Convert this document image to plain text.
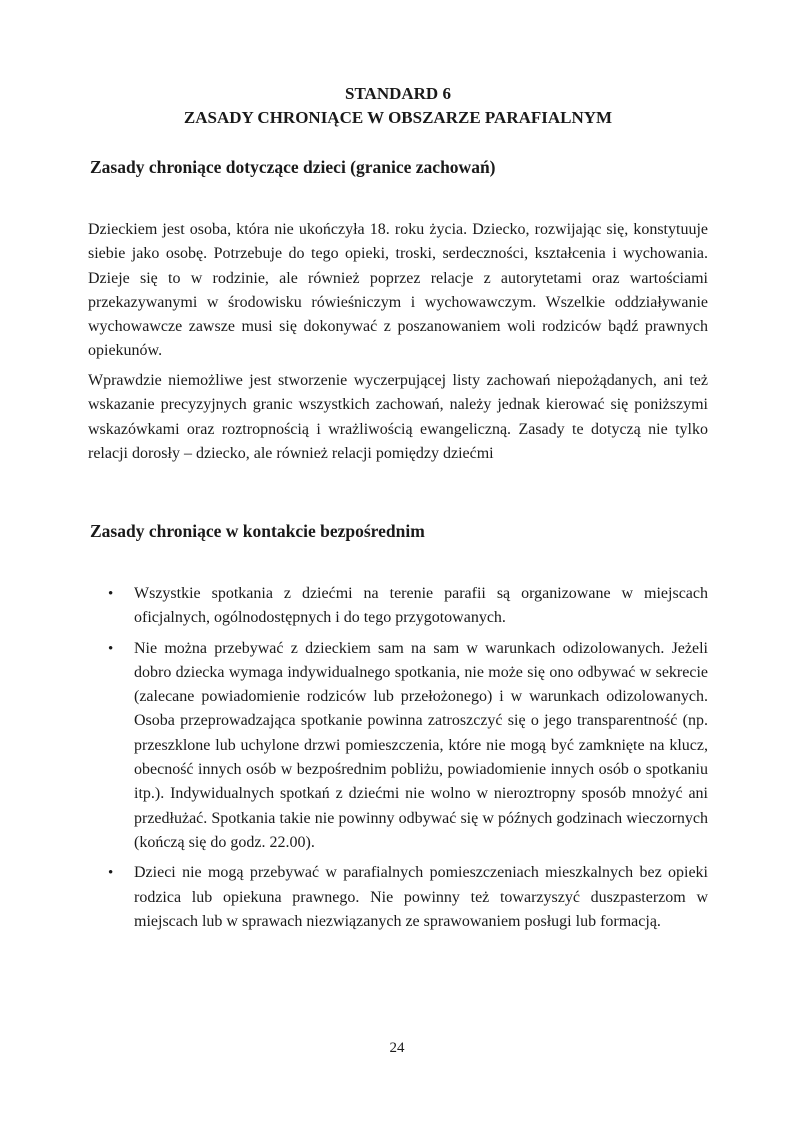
STANDARD 6
ZASADY CHRONIĄCE W OBSZARZE PARAFIALNYM
Zasady chroniące dotyczące dzieci (granice zachowań)

Dzieckiem jest osoba, która nie ukończyła 18. roku życia. Dziecko, rozwijając się, konstytuuje siebie jako osobę. Potrzebuje do tego opieki, troski, serdeczności, kształcenia i wychowania. Dzieje się to w rodzinie, ale również poprzez relacje z autorytetami oraz wartościami przekazywanymi w środowisku rówieśniczym i wychowawczym. Wszelkie oddziaływanie wychowawcze zawsze musi się dokonywać z poszanowaniem woli rodziców bądź prawnych opiekunów.

Wprawdzie niemożliwe jest stworzenie wyczerpującej listy zachowań niepożądanych, ani też wskazanie precyzyjnych granic wszystkich zachowań, należy jednak kierować się poniższymi wskazówkami oraz roztropnością i wrażliwością ewangeliczną. Zasady te dotyczą nie tylko relacji dorosły – dziecko, ale również relacji pomiędzy dziećmi

Zasady chroniące w kontakcie bezpośrednim
• Wszystkie spotkania z dziećmi na terenie parafii są organizowane w miejscach oficjalnych, ogólnodostępnych i do tego przygotowanych.
• Nie można przebywać z dzieckiem sam na sam w warunkach odizolowanych. Jeżeli dobro dziecka wymaga indywidualnego spotkania, nie może się ono odbywać w sekrecie (zalecane powiadomienie rodziców lub przełożonego) i w warunkach odizolowanych. Osoba przeprowadzająca spotkanie powinna zatroszczyć się o jego transparentność (np. przeszklone lub uchylone drzwi pomieszczenia, które nie mogą być zamknięte na klucz, obecność innych osób w bezpośrednim pobliżu, powiadomienie innych osób o spotkaniu itp.). Indywidualnych spotkań z dziećmi nie wolno w nieroztropny sposób mnożyć ani przedłużać. Spotkania takie nie powinny odbywać się w późnych godzinach wieczornych (kończą się do godz. 22.00).
• Dzieci nie mogą przebywać w parafialnych pomieszczeniach mieszkalnych bez opieki rodzica lub opiekuna prawnego. Nie powinny też towarzyszyć duszpasterzom w miejscach lub w sprawach niezwiązanych ze sprawowaniem posługi lub formacją.
24
